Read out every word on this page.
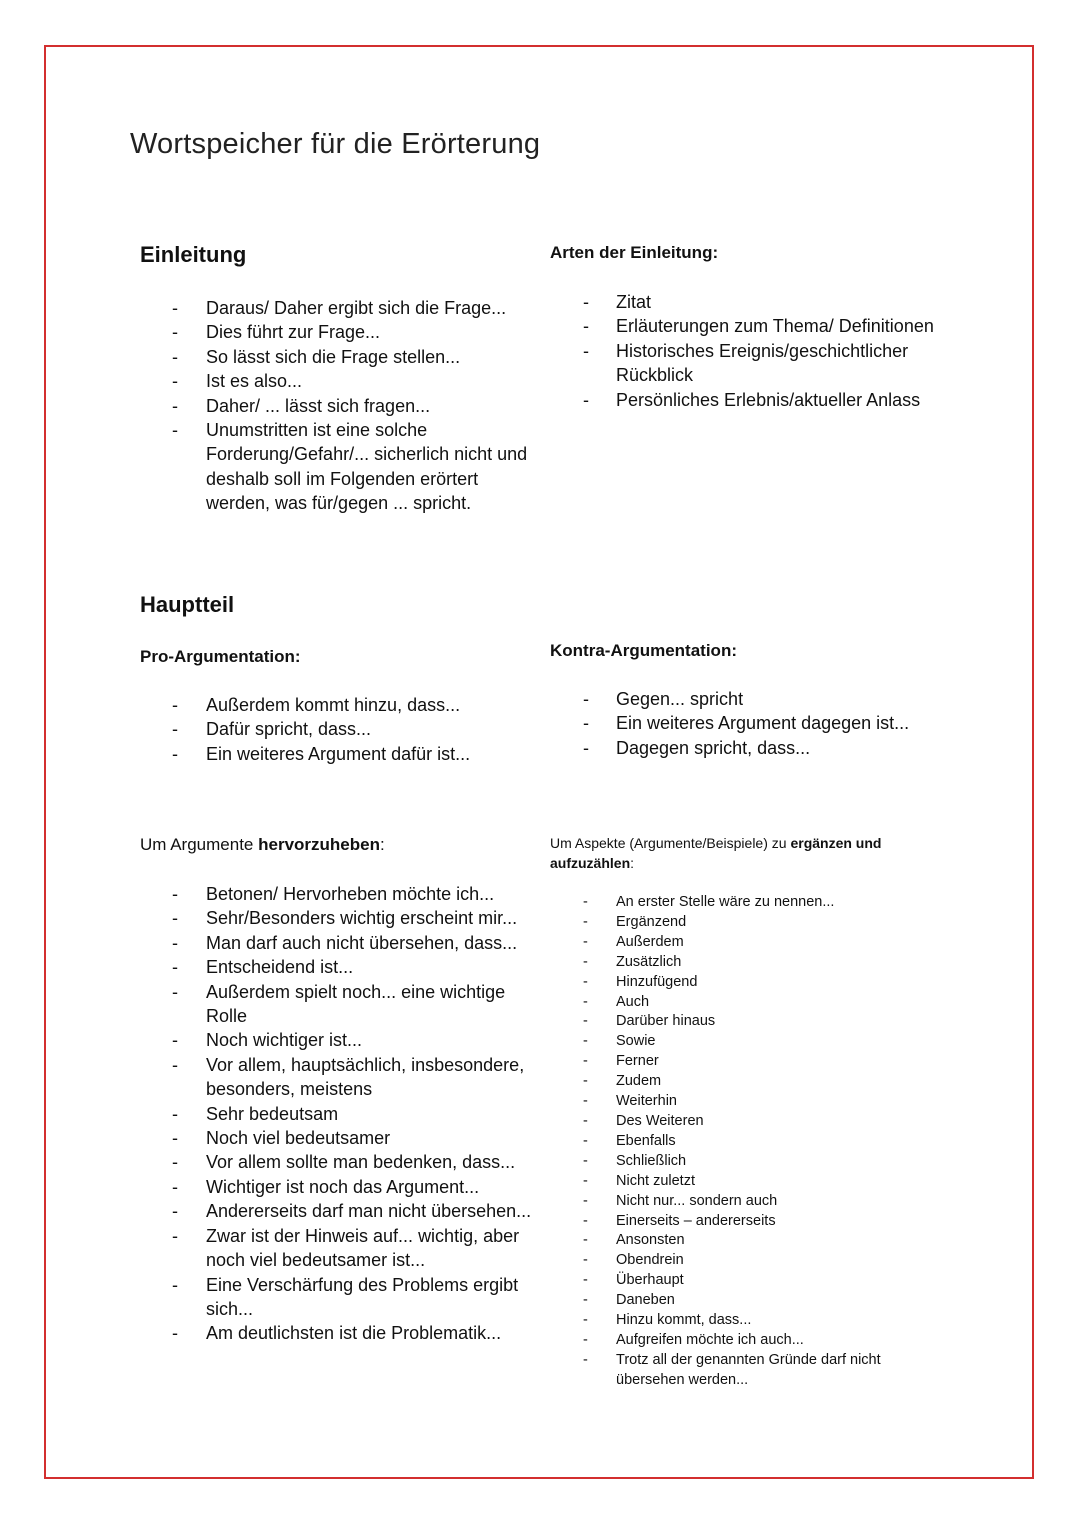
Wortspeicher für die Erörterung
Einleitung
- Daraus/ Daher ergibt sich die Frage...
- Dies führt zur Frage...
- So lässt sich die Frage stellen...
- Ist es also...
- Daher/ ... lässt sich fragen...
- Unumstritten ist eine solche Forderung/Gefahr/... sicherlich nicht und deshalb soll im Folgenden erörtert werden, was für/gegen ... spricht.
Arten der Einleitung:
- Zitat
- Erläuterungen zum Thema/ Definitionen
- Historisches Ereignis/geschichtlicher Rückblick
- Persönliches Erlebnis/aktueller Anlass
Hauptteil
Pro-Argumentation:
- Außerdem kommt hinzu, dass...
- Dafür spricht, dass...
- Ein weiteres Argument dafür ist...
Kontra-Argumentation:
- Gegen... spricht
- Ein weiteres Argument dagegen ist...
- Dagegen spricht, dass...
Um Argumente hervorzuheben:
- Betonen/ Hervorheben möchte ich...
- Sehr/Besonders wichtig erscheint mir...
- Man darf auch nicht übersehen, dass...
- Entscheidend ist...
- Außerdem spielt noch... eine wichtige Rolle
- Noch wichtiger ist...
- Vor allem, hauptsächlich, insbesondere, besonders, meistens
- Sehr bedeutsam
- Noch viel bedeutsamer
- Vor allem sollte man bedenken, dass...
- Wichtiger ist noch das Argument...
- Andererseits darf man nicht übersehen...
- Zwar ist der Hinweis auf... wichtig, aber noch viel bedeutsamer ist...
- Eine Verschärfung des Problems ergibt sich...
- Am deutlichsten ist die Problematik...

Um Aspekte (Argumente/Beispiele) zu ergänzen und aufzuzählen:

- An erster Stelle wäre zu nennen...
- Ergänzend
- Außerdem
- Zusätzlich
- Hinzufügend
- Auch
- Darüber hinaus
- Sowie
- Ferner
- Zudem
- Weiterhin
- Des Weiteren
- Ebenfalls
- Schließlich
- Nicht zuletzt
- Nicht nur... sondern auch
- Einerseits – andererseits
- Ansonsten
- Obendrein
- Überhaupt
- Daneben
- Hinzu kommt, dass...
- Aufgreifen möchte ich auch...
- Trotz all der genannten Gründe darf nicht übersehen werden...
